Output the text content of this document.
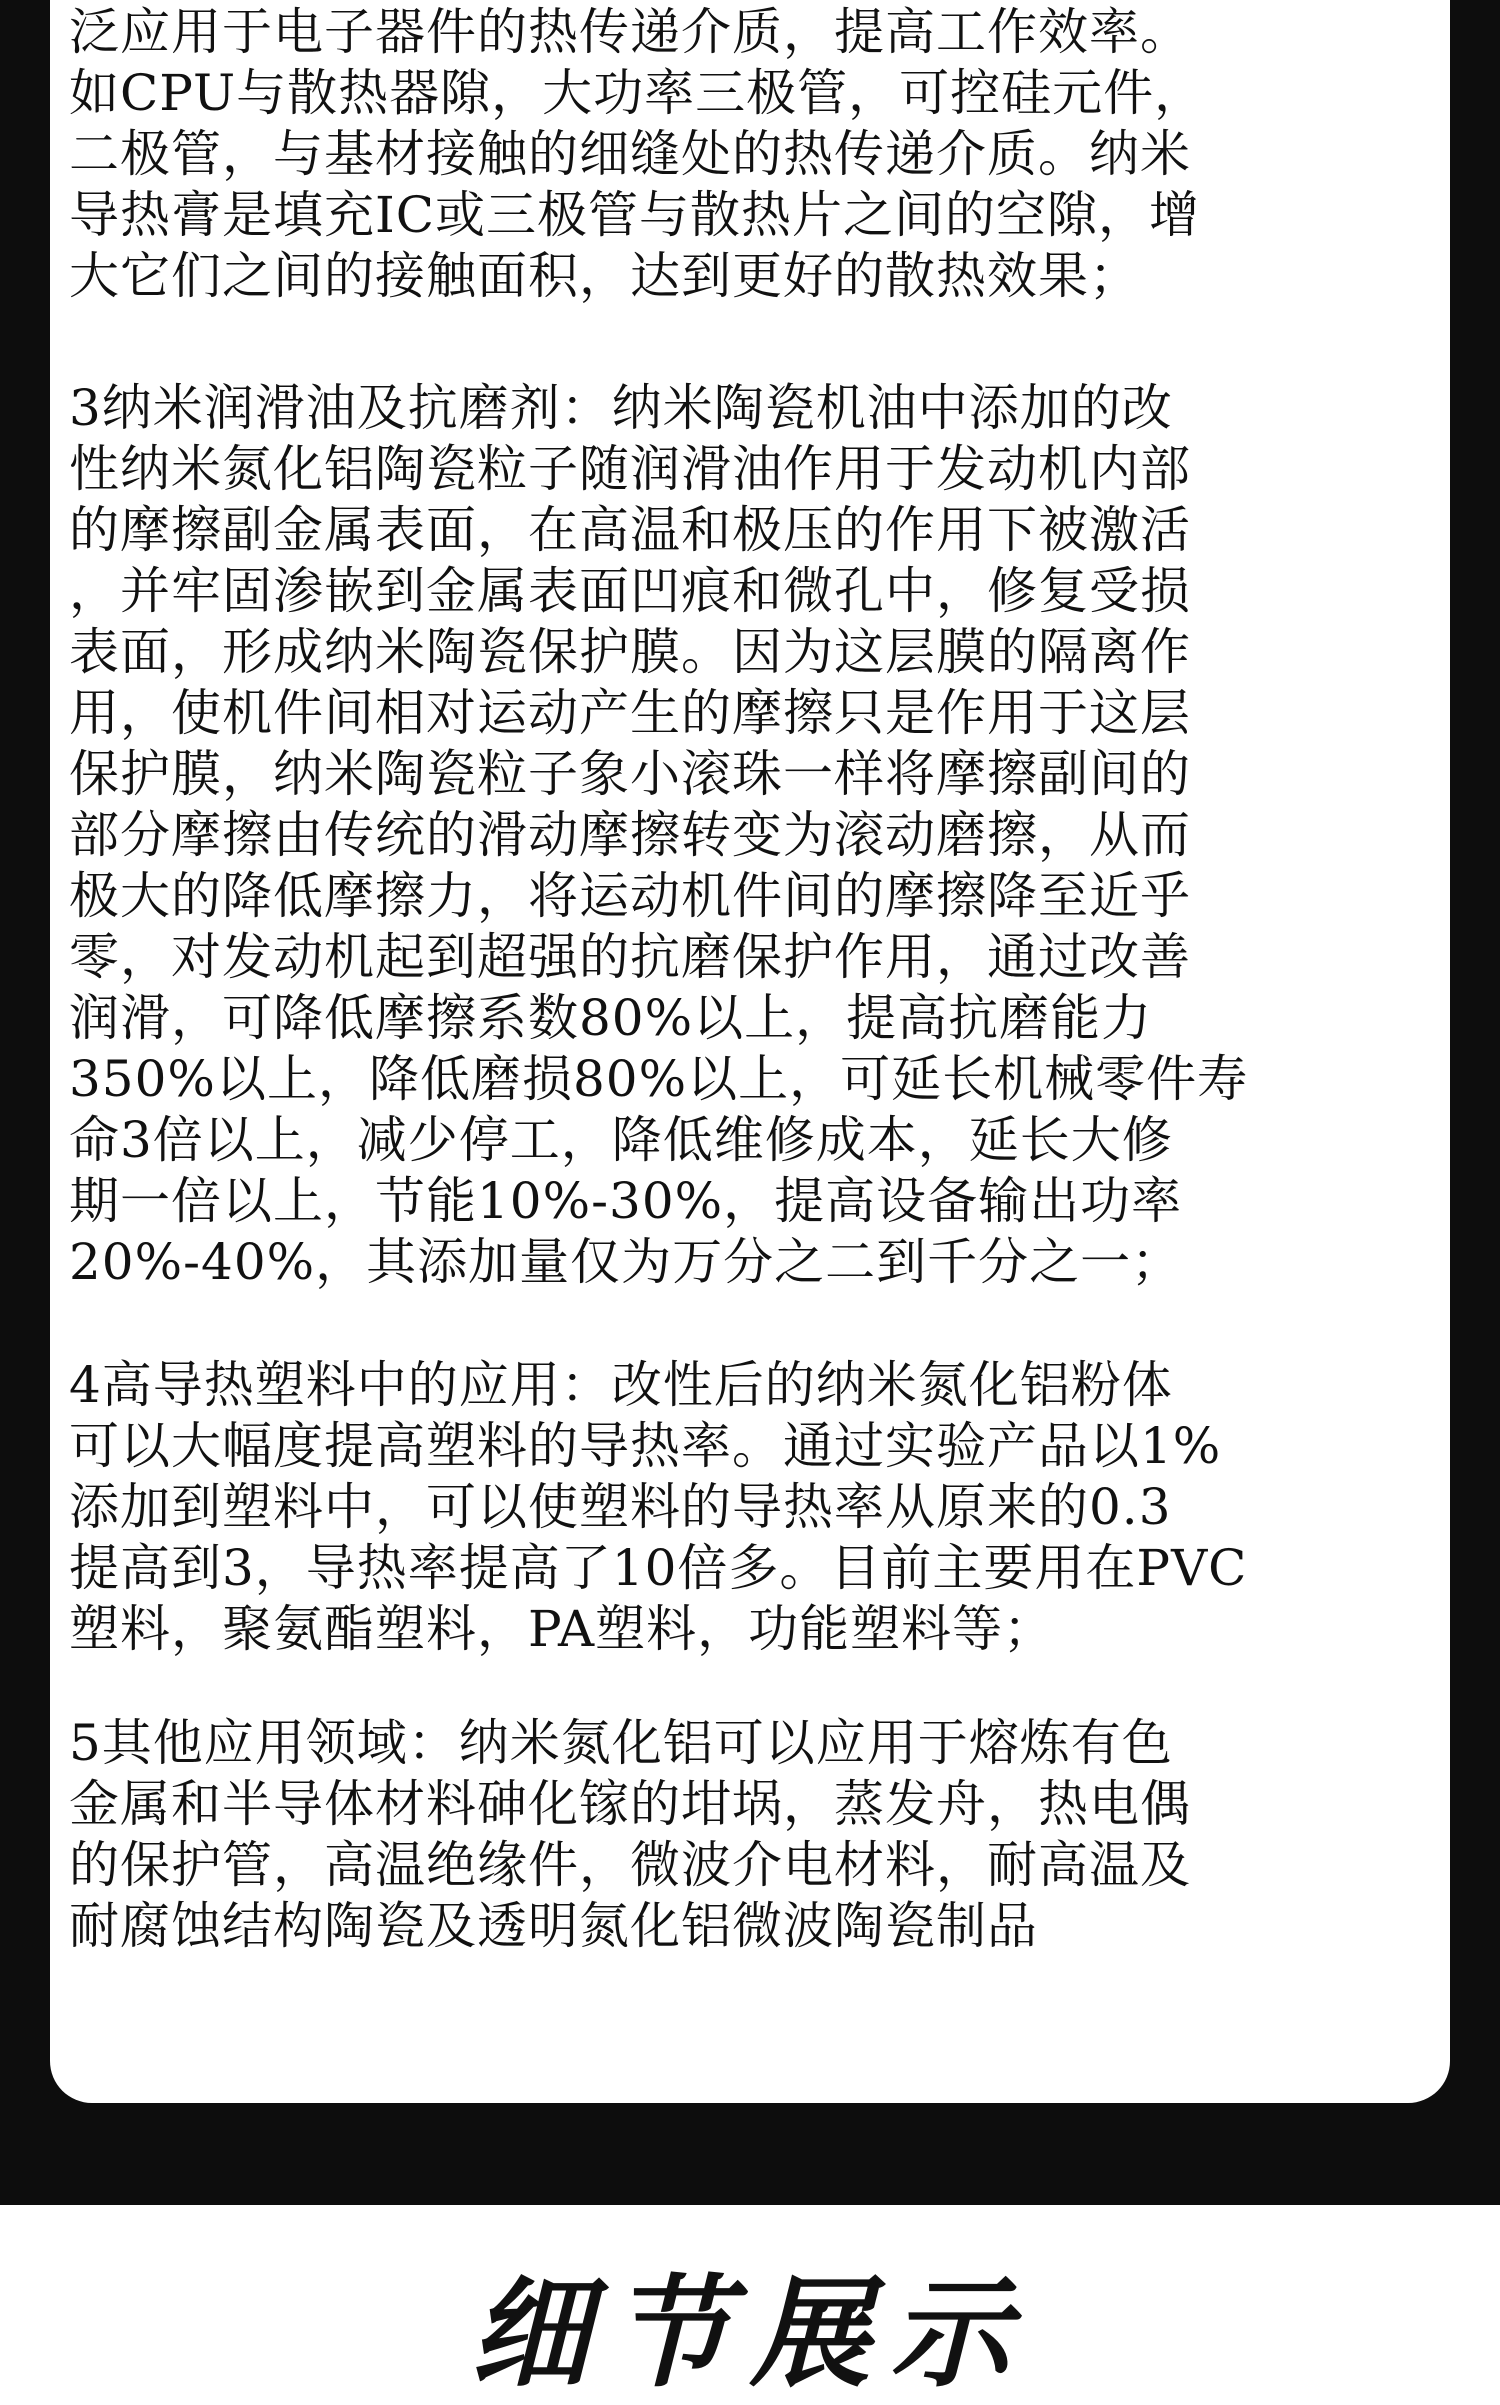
泛应用于电子器件的热传递介质，提高工作效率。
如CPU与散热器隙，大功率三极管，可控硅元件，
二极管，与基材接触的细缝处的热传递介质。纳米
导热膏是填充IC或三极管与散热片之间的空隙，增
大它们之间的接触面积，达到更好的散热效果；

3纳米润滑油及抗磨剂：纳米陶瓷机油中添加的改
性纳米氮化铝陶瓷粒子随润滑油作用于发动机内部
的摩擦副金属表面，在高温和极压的作用下被激活
，并牢固渗嵌到金属表面凹痕和微孔中，修复受损
表面，形成纳米陶瓷保护膜。因为这层膜的隔离作
用，使机件间相对运动产生的摩擦只是作用于这层
保护膜，纳米陶瓷粒子象小滚珠一样将摩擦副间的
部分摩擦由传统的滑动摩擦转变为滚动磨擦，从而
极大的降低摩擦力，将运动机件间的摩擦降至近乎
零，对发动机起到超强的抗磨保护作用，通过改善
润滑，可降低摩擦系数80%以上，提高抗磨能力
350%以上，降低磨损80%以上，可延长机械零件寿
命3倍以上，减少停工，降低维修成本，延长大修
期一倍以上，节能10%-30%，提高设备输出功率
20%-40%，其添加量仅为万分之二到千分之一；

4高导热塑料中的应用：改性后的纳米氮化铝粉体
可以大幅度提高塑料的导热率。通过实验产品以1%
添加到塑料中，可以使塑料的导热率从原来的0.3
提高到3，导热率提高了10倍多。目前主要用在PVC
塑料，聚氨酯塑料，PA塑料，功能塑料等；

5其他应用领域：纳米氮化铝可以应用于熔炼有色
金属和半导体材料砷化镓的坩埚，蒸发舟，热电偶
的保护管，高温绝缘件，微波介电材料，耐高温及
耐腐蚀结构陶瓷及透明氮化铝微波陶瓷制品

细节展示
